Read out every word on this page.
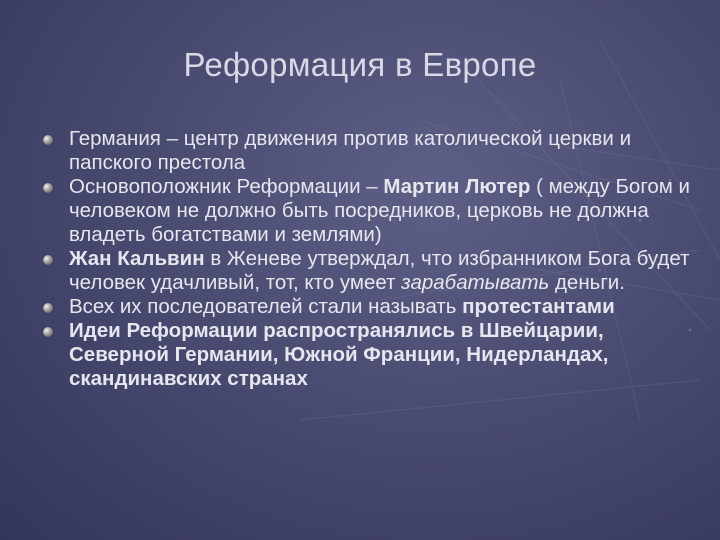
Реформация в Европе
Германия – центр движения против католической церкви и папского престола
Основоположник Реформации – Мартин Лютер ( между Богом и человеком не должно быть посредников, церковь не должна владеть богатствами и землями)
Жан Кальвин в Женеве утверждал, что избранником Бога будет человек удачливый, тот, кто умеет зарабатывать деньги.
Всех их последователей стали называть протестантами
Идеи Реформации распространялись в Швейцарии, Северной Германии, Южной Франции, Нидерландах, скандинавских странах
